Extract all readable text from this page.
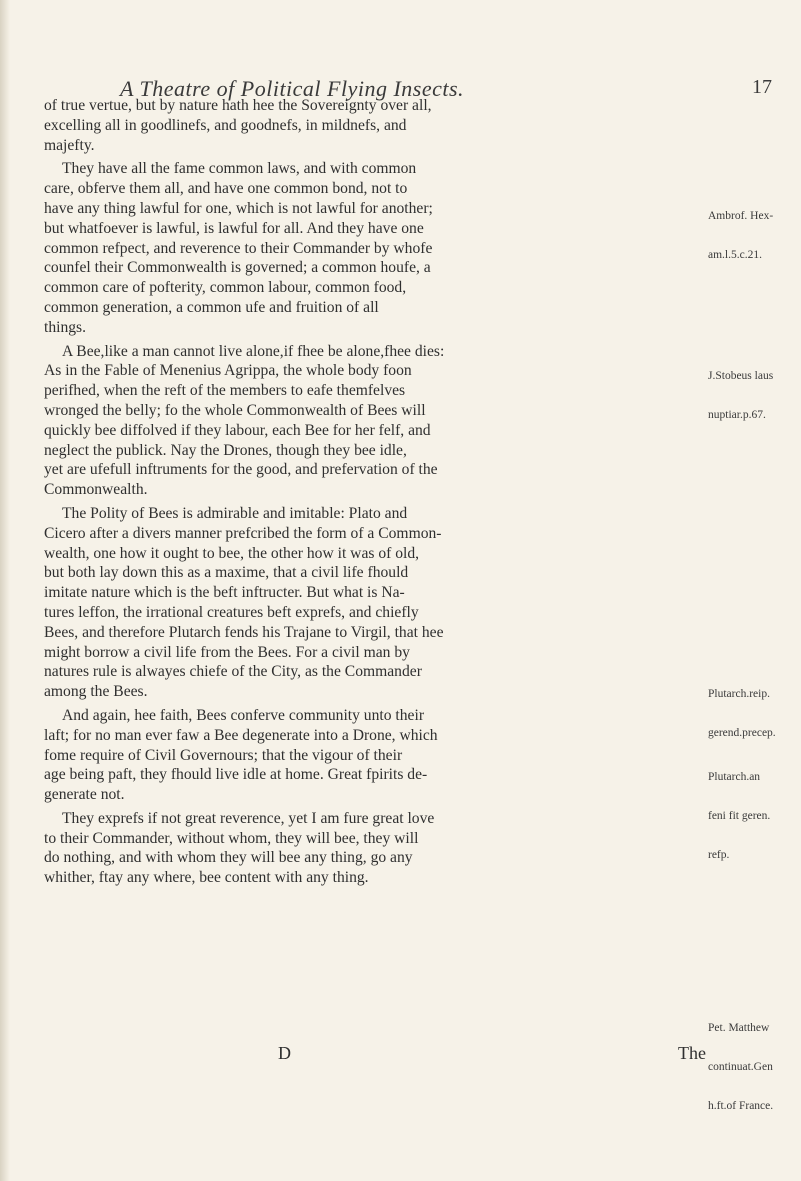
A Theatre of Political Flying Insects.	17
of true vertue, but by nature hath hee the Sovereignty over all,
excelling all in goodlinefs, and goodnefs, in mildnefs, and
majefty.
They have all the fame common laws, and with common
care, obferve them all, and have one common bond, not to
have any thing lawful for one, which is not lawful for another;
but whatfoever is lawful, is lawful for all. And they have one
common refpect, and reverence to their Commander by whofe
counfel their Commonwealth is governed; a common houfe, a
common care of pofterity, common labour, common food,
common generation, a common ufe and fruition of all
things.
A Bee,like a man cannot live alone,if fhee be alone,fhee dies:
As in the Fable of Menenius Agrippa, the whole body foon
perifhed, when the reft of the members to eafe themfelves
wronged the belly; fo the whole Commonwealth of Bees will
quickly bee diffolved if they labour, each Bee for her felf, and
neglect the publick. Nay the Drones, though they bee idle,
yet are ufefull inftruments for the good, and prefervation of the
Commonwealth.
The Polity of Bees is admirable and imitable: Plato and
Cicero after a divers manner prefcribed the form of a Common-
wealth, one how it ought to bee, the other how it was of old,
but both lay down this as a maxime, that a civil life fhould
imitate nature which is the beft inftructer. But what is Na-
tures leffon, the irrational creatures beft exprefs, and chiefly
Bees, and therefore Plutarch fends his Trajane to Virgil, that hee
might borrow a civil life from the Bees. For a civil man by
natures rule is alwayes chiefe of the City, as the Commander
among the Bees.
And again, hee faith, Bees conferve community unto their
laft; for no man ever faw a Bee degenerate into a Drone, which
fome require of Civil Governours; that the vigour of their
age being paft, they fhould live idle at home. Great fpirits de-
generate not.
They exprefs if not great reverence, yet I am fure great love
to their Commander, without whom, they will bee, they will
do nothing, and with whom they will bee any thing, go any
whither, ftay any where, bee content with any thing.

Ambrof. Hex-

am.l.5.c.21.

J.Stobeus laus

nuptiar.p.67.

Plutarch.reip.

gerend.precep.

Plutarch.an

feni fit geren.

refp.

Pet. Matthew

continuat.Gen

h.ft.of France.

D	The
